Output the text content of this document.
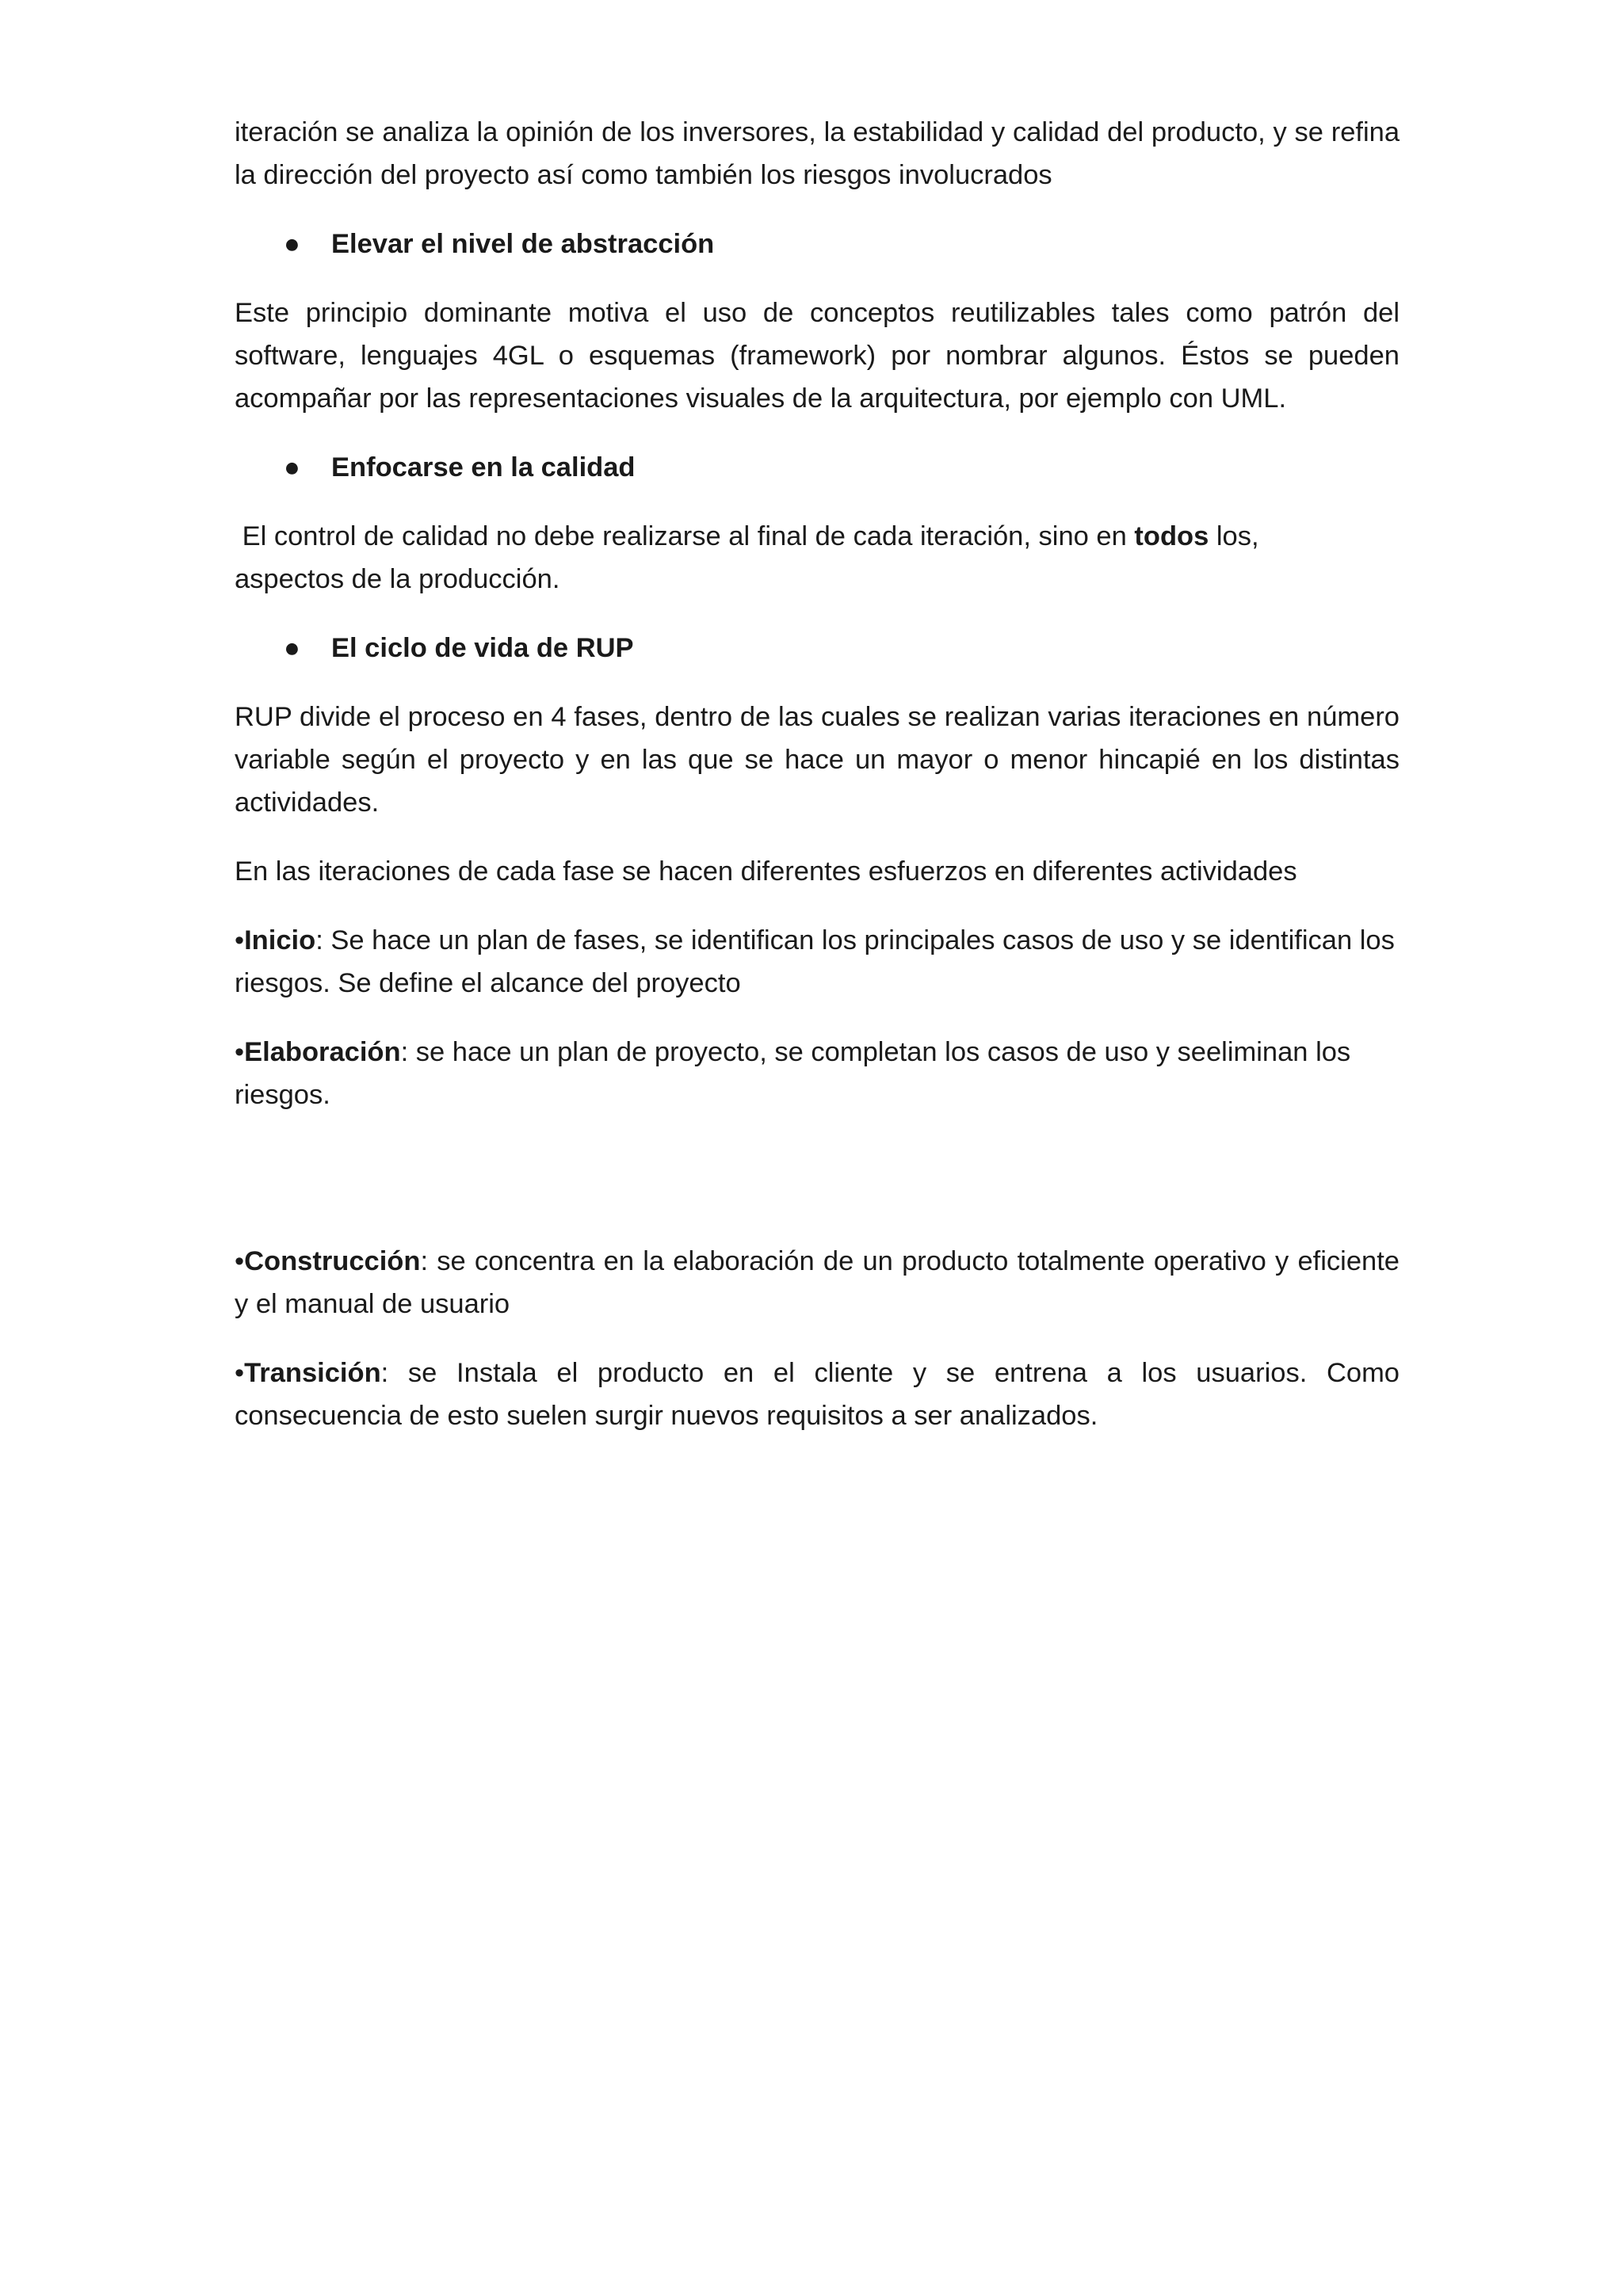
iteración se analiza la opinión de los inversores, la estabilidad y calidad del producto, y se refina la dirección del proyecto así como también los riesgos involucrados

● Elevar el nivel de abstracción

Este principio dominante motiva el uso de conceptos reutilizables tales como patrón del software, lenguajes 4GL o esquemas (framework) por nombrar algunos. Éstos se pueden acompañar por las representaciones visuales de la arquitectura, por ejemplo con UML.

● Enfocarse en la calidad

El control de calidad no debe realizarse al final de cada iteración, sino en todos los, aspectos de la producción.

● El ciclo de vida de RUP

RUP divide el proceso en 4 fases, dentro de las cuales se realizan varias iteraciones en número variable según el proyecto y en las que se hace un mayor o menor hincapié en los distintas actividades.

En las iteraciones de cada fase se hacen diferentes esfuerzos en diferentes actividades

•Inicio: Se hace un plan de fases, se identifican los principales casos de uso y se identifican los riesgos. Se define el alcance del proyecto

•Elaboración: se hace un plan de proyecto, se completan los casos de uso y seeliminan los riesgos.

•Construcción: se concentra en la elaboración de un producto totalmente operativo y eficiente y el manual de usuario

•Transición: se Instala el producto en el cliente y se entrena a los usuarios. Como consecuencia de esto suelen surgir nuevos requisitos a ser analizados.
